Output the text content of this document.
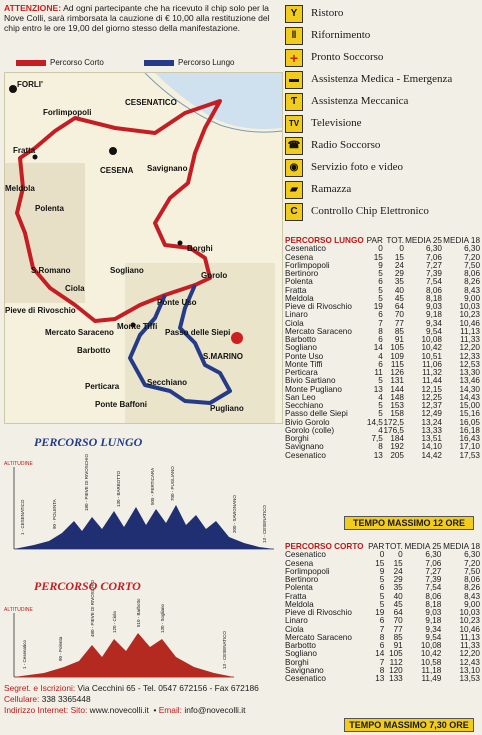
ATTENZIONE: Ad ogni partecipante che ha ricevuto il chip solo per la Nove Colli, sarà rimborsata la cauzione di € 10,00 alla restituzione del chip entro le ore 19,00 del giorno stesso della manifestazione.
Percorso Corto	Percorso Lungo
FORLI'
CESENATICO
Forlimpopoli
CESENA
Fratta
Meldola
Polenta
Savignano
Borghi
S.Romano
Ciola
Sogliano
Gorolo
Pieve di Rivoschio
Ponte Uso
Mercato Saraceno
Monte Tiffi
Barbotto
Passo delle Siepi
S.MARINO
Perticara	Secchiano
Ponte Baffoni	Pugliano
PERCORSO LUNGO
PERCORSO CORTO
ALTITUDINE
1 - CESENATICO	90 - POLENTA
180 - PIEVE DI RIVOSCHIO	130 - BARBOTTO	505 - PERTICARA	700 - PUGLIANO
200 - SAVIGNANO	13 - CESENATICO
ALTITUDINE
1 - Cesenatico	90 - Polenta
480 - PIEVE DI RIVOSCHIO	120 - Ciola	510 - Barbotto	130 - Sogliano
13 - CESENATICO
Segret. e Iscrizioni: Via Cecchini 65 - Tel. 0547 672156 - Fax 672186
Cellulare: 338 3365448
Indirizzo Internet: Sito: www.novecolli.it  • Email: info@novecolli.it
Y	Ristoro
ǁ	Rifornimento
+	Pronto Soccorso
▬	Assistenza Medica - Emergenza
Ƭ	Assistenza Meccanica
TV	Televisione
☎ Radio Soccorso
◉	Servizio foto e video
▰	Ramazza
C	Controllo Chip Elettronico
PERCORSO LUNGO	PAR	TOT.	MEDIA 25	MEDIA 18
Cesenatico	0	0	6,30	6,30
Cesena	15	15	7,06	7,20
Forlimpopoli	9	24	7,27	7,50
Bertinoro	5	29	7,39	8,06
Polenta	6	35	7,54	8,26
Fratta	5	40	8,06	8,43
Meldola	5	45	8,18	9,00
Pieve di Rivoschio	19	64	9,03	10,03
Linaro	6	70	9,18	10,23
Ciola	7	77	9,34	10,46
Mercato Saraceno	8	85	9,54	11,13
Barbotto	6	91	10,08	11,33
Sogliano	14	105	10,42	12,20
Ponte Uso	4	109	10,51	12,33
Monte Tiffi	6	115	11,06	12,53
Perticara	11	126	11,32	13,30
Bivio Sartiano	5	131	11,44	13,46
Monte Pugliano	13	144	12,15	14,30
San Leo	4	148	12,25	14,43
Secchiano	5	153	12,37	15,00
Passo delle Siepi	5	158	12,49	15,16
Bivio Gorolo	14,5	172,5	13,24	16,05
Gorolo (colle)	4	176,5	13,33	16,18
Borghi	7,5	184	13,51	16,43
Savignano	8	192	14,10	17,10
Cesenatico	13	205	14,42	17,53
TEMPO MASSIMO 12 ORE
PERCORSO CORTO	PAR	TOT.	MEDIA 25	MEDIA 18
Cesenatico	0	0	6,30	6,30
Cesena	15	15	7,06	7,20
Forlimpopoli	9	24	7,27	7,50
Bertinoro	5	29	7,39	8,06
Polenta	6	35	7,54	8,26
Fratta	5	40	8,06	8,43
Meldola	5	45	8,18	9,00
Pieve di Rivoschio	19	64	9,03	10,03
Linaro	6	70	9,18	10,23
Ciola	7	77	9,34	10,46
Mercato Saraceno	8	85	9,54	11,13
Barbotto	6	91	10,08	11,33
Sogliano	14	105	10,42	12,20
Borghi	7	112	10,58	12,43
Savignano	8	120	11,18	13,10
Cesenatico	13	133	11,49	13,53
TEMPO MASSIMO 7,30 ORE
